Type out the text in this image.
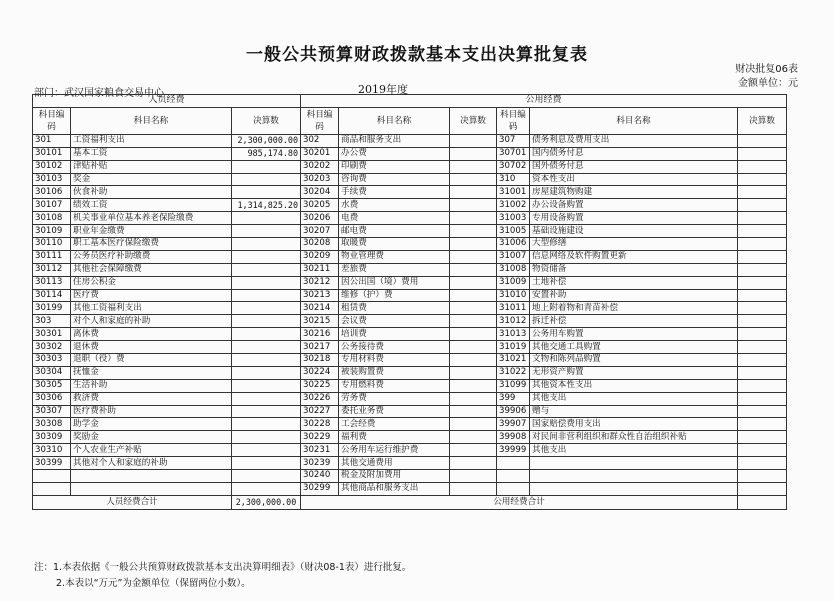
一般公共预算财政拨款基本支出决算批复表
财决批复06表
金额单位：元
部门：武汉国家粮食交易中心	2019年度
人员经费			公用经费					
科目编码	科目名称	决算数	科目编码	科目名称	决算数	科目编码	科目名称	决算数
301	工资福利支出	2,300,000.00	302	商品和服务支出		307	债务利息及费用支出	
30101	基本工资	985,174.80	30201	办公费		30701	国内债务付息	
30102	津贴补贴		30202	印刷费		30702	国外债务付息	
30103	奖金		30203	咨询费		310	资本性支出	
30106	伙食补助		30204	手续费		31001	房屋建筑物购建	
30107	绩效工资	1,314,825.20	30205	水费		31002	办公设备购置	
30108	机关事业单位基本养老保险缴费		30206	电费		31003	专用设备购置	
30109	职业年金缴费		30207	邮电费		31005	基础设施建设	
30110	职工基本医疗保险缴费		30208	取暖费		31006	大型修缮	
30111	公务员医疗补助缴费		30209	物业管理费		31007	信息网络及软件购置更新	
30112	其他社会保障缴费		30211	差旅费		31008	物资储备	
30113	住房公积金		30212	因公出国（境）费用		31009	土地补偿	
30114	医疗费		30213	维修（护）费		31010	安置补助	
30199	其他工资福利支出		30214	租赁费		31011	地上附着物和青苗补偿	
303	对个人和家庭的补助		30215	会议费		31012	拆迁补偿	
30301	离休费		30216	培训费		31013	公务用车购置	
30302	退休费		30217	公务接待费		31019	其他交通工具购置	
30303	退职（役）费		30218	专用材料费		31021	文物和陈列品购置	
30304	抚恤金		30224	被装购置费		31022	无形资产购置	
30305	生活补助		30225	专用燃料费		31099	其他资本性支出	
30306	救济费		30226	劳务费		399	其他支出	
30307	医疗费补助		30227	委托业务费		39906	赠与	
30308	助学金		30228	工会经费		39907	国家赔偿费用支出	
30309	奖励金		30229	福利费		39908	对民间非营利组织和群众性自治组织补贴	
30310	个人农业生产补贴		30231	公务用车运行维护费		39999	其他支出	
30399	其他对个人和家庭的补助		30239	其他交通费用				
			30240	税金及附加费用				
			30299	其他商品和服务支出				
人员经费合计		2,300,000.00	公用经费合计					
注：1.本表依据《一般公共预算财政拨款基本支出决算明细表》（财决08-1表）进行批复。
2.本表以“万元”为金额单位（保留两位小数）。
